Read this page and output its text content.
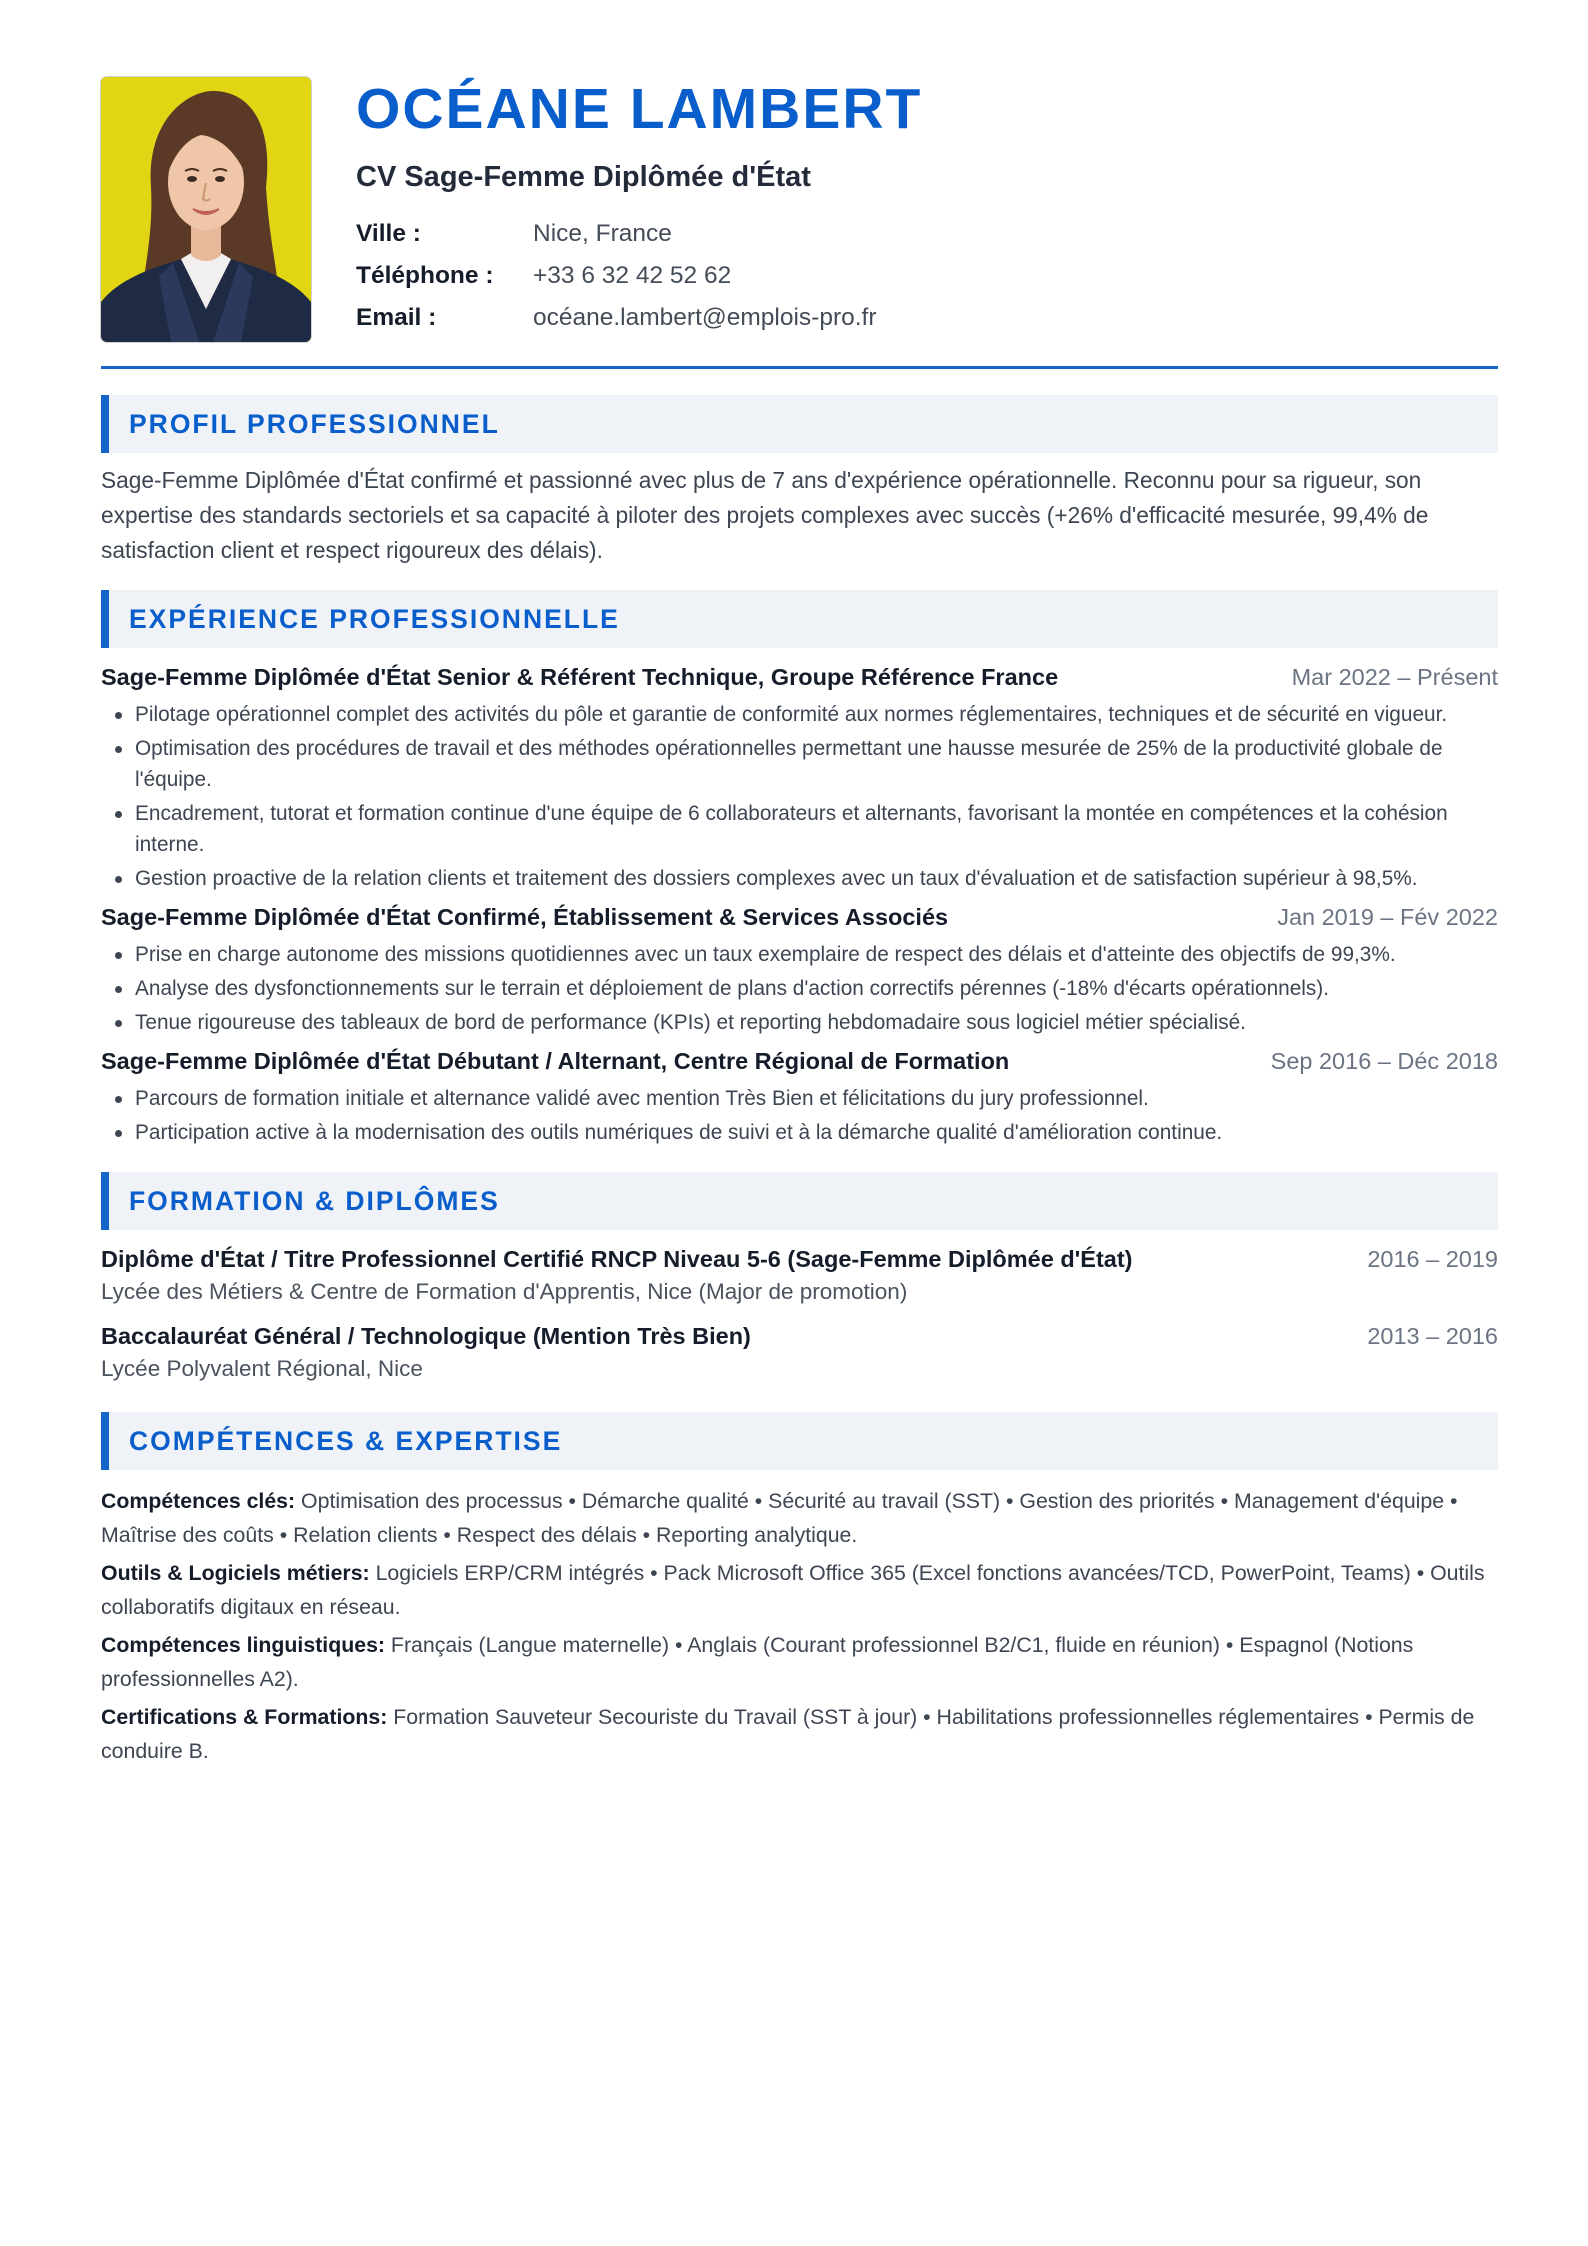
OCÉANE LAMBERT
CV Sage-Femme Diplômée d'État
Ville :	Nice, France
Téléphone :	+33 6 32 42 52 62
Email :	océane.lambert@emplois-pro.fr
PROFIL PROFESSIONNEL

Sage-Femme Diplômée d'État confirmé et passionné avec plus de 7 ans d'expérience opérationnelle. Reconnu pour sa rigueur, son expertise des standards sectoriels et sa capacité à piloter des projets complexes avec succès (+26% d'efficacité mesurée, 99,4% de satisfaction client et respect rigoureux des délais).

EXPÉRIENCE PROFESSIONNELLE
Sage-Femme Diplômée d'État Senior & Référent Technique, Groupe Référence France	Mar 2022 – Présent
Pilotage opérationnel complet des activités du pôle et garantie de conformité aux normes réglementaires, techniques et de sécurité en vigueur.
Optimisation des procédures de travail et des méthodes opérationnelles permettant une hausse mesurée de 25% de la productivité globale de l'équipe.
Encadrement, tutorat et formation continue d'une équipe de 6 collaborateurs et alternants, favorisant la montée en compétences et la cohésion interne.
Gestion proactive de la relation clients et traitement des dossiers complexes avec un taux d'évaluation et de satisfaction supérieur à 98,5%.
Sage-Femme Diplômée d'État Confirmé, Établissement & Services Associés	Jan 2019 – Fév 2022
Prise en charge autonome des missions quotidiennes avec un taux exemplaire de respect des délais et d'atteinte des objectifs de 99,3%.
Analyse des dysfonctionnements sur le terrain et déploiement de plans d'action correctifs pérennes (-18% d'écarts opérationnels).
Tenue rigoureuse des tableaux de bord de performance (KPIs) et reporting hebdomadaire sous logiciel métier spécialisé.
Sage-Femme Diplômée d'État Débutant / Alternant, Centre Régional de Formation	Sep 2016 – Déc 2018
Parcours de formation initiale et alternance validé avec mention Très Bien et félicitations du jury professionnel.
Participation active à la modernisation des outils numériques de suivi et à la démarche qualité d'amélioration continue.
FORMATION & DIPLÔMES
Diplôme d'État / Titre Professionnel Certifié RNCP Niveau 5-6 (Sage-Femme Diplômée d'État)	2016 – 2019
Lycée des Métiers & Centre de Formation d'Apprentis, Nice (Major de promotion)
Baccalauréat Général / Technologique (Mention Très Bien)	2013 – 2016
Lycée Polyvalent Régional, Nice
COMPÉTENCES & EXPERTISE

Compétences clés: Optimisation des processus • Démarche qualité • Sécurité au travail (SST) • Gestion des priorités • Management d'équipe • Maîtrise des coûts • Relation clients • Respect des délais • Reporting analytique.

Outils & Logiciels métiers: Logiciels ERP/CRM intégrés • Pack Microsoft Office 365 (Excel fonctions avancées/TCD, PowerPoint, Teams) • Outils collaboratifs digitaux en réseau.

Compétences linguistiques: Français (Langue maternelle) • Anglais (Courant professionnel B2/C1, fluide en réunion) • Espagnol (Notions professionnelles A2).

Certifications & Formations: Formation Sauveteur Secouriste du Travail (SST à jour) • Habilitations professionnelles réglementaires • Permis de conduire B.
